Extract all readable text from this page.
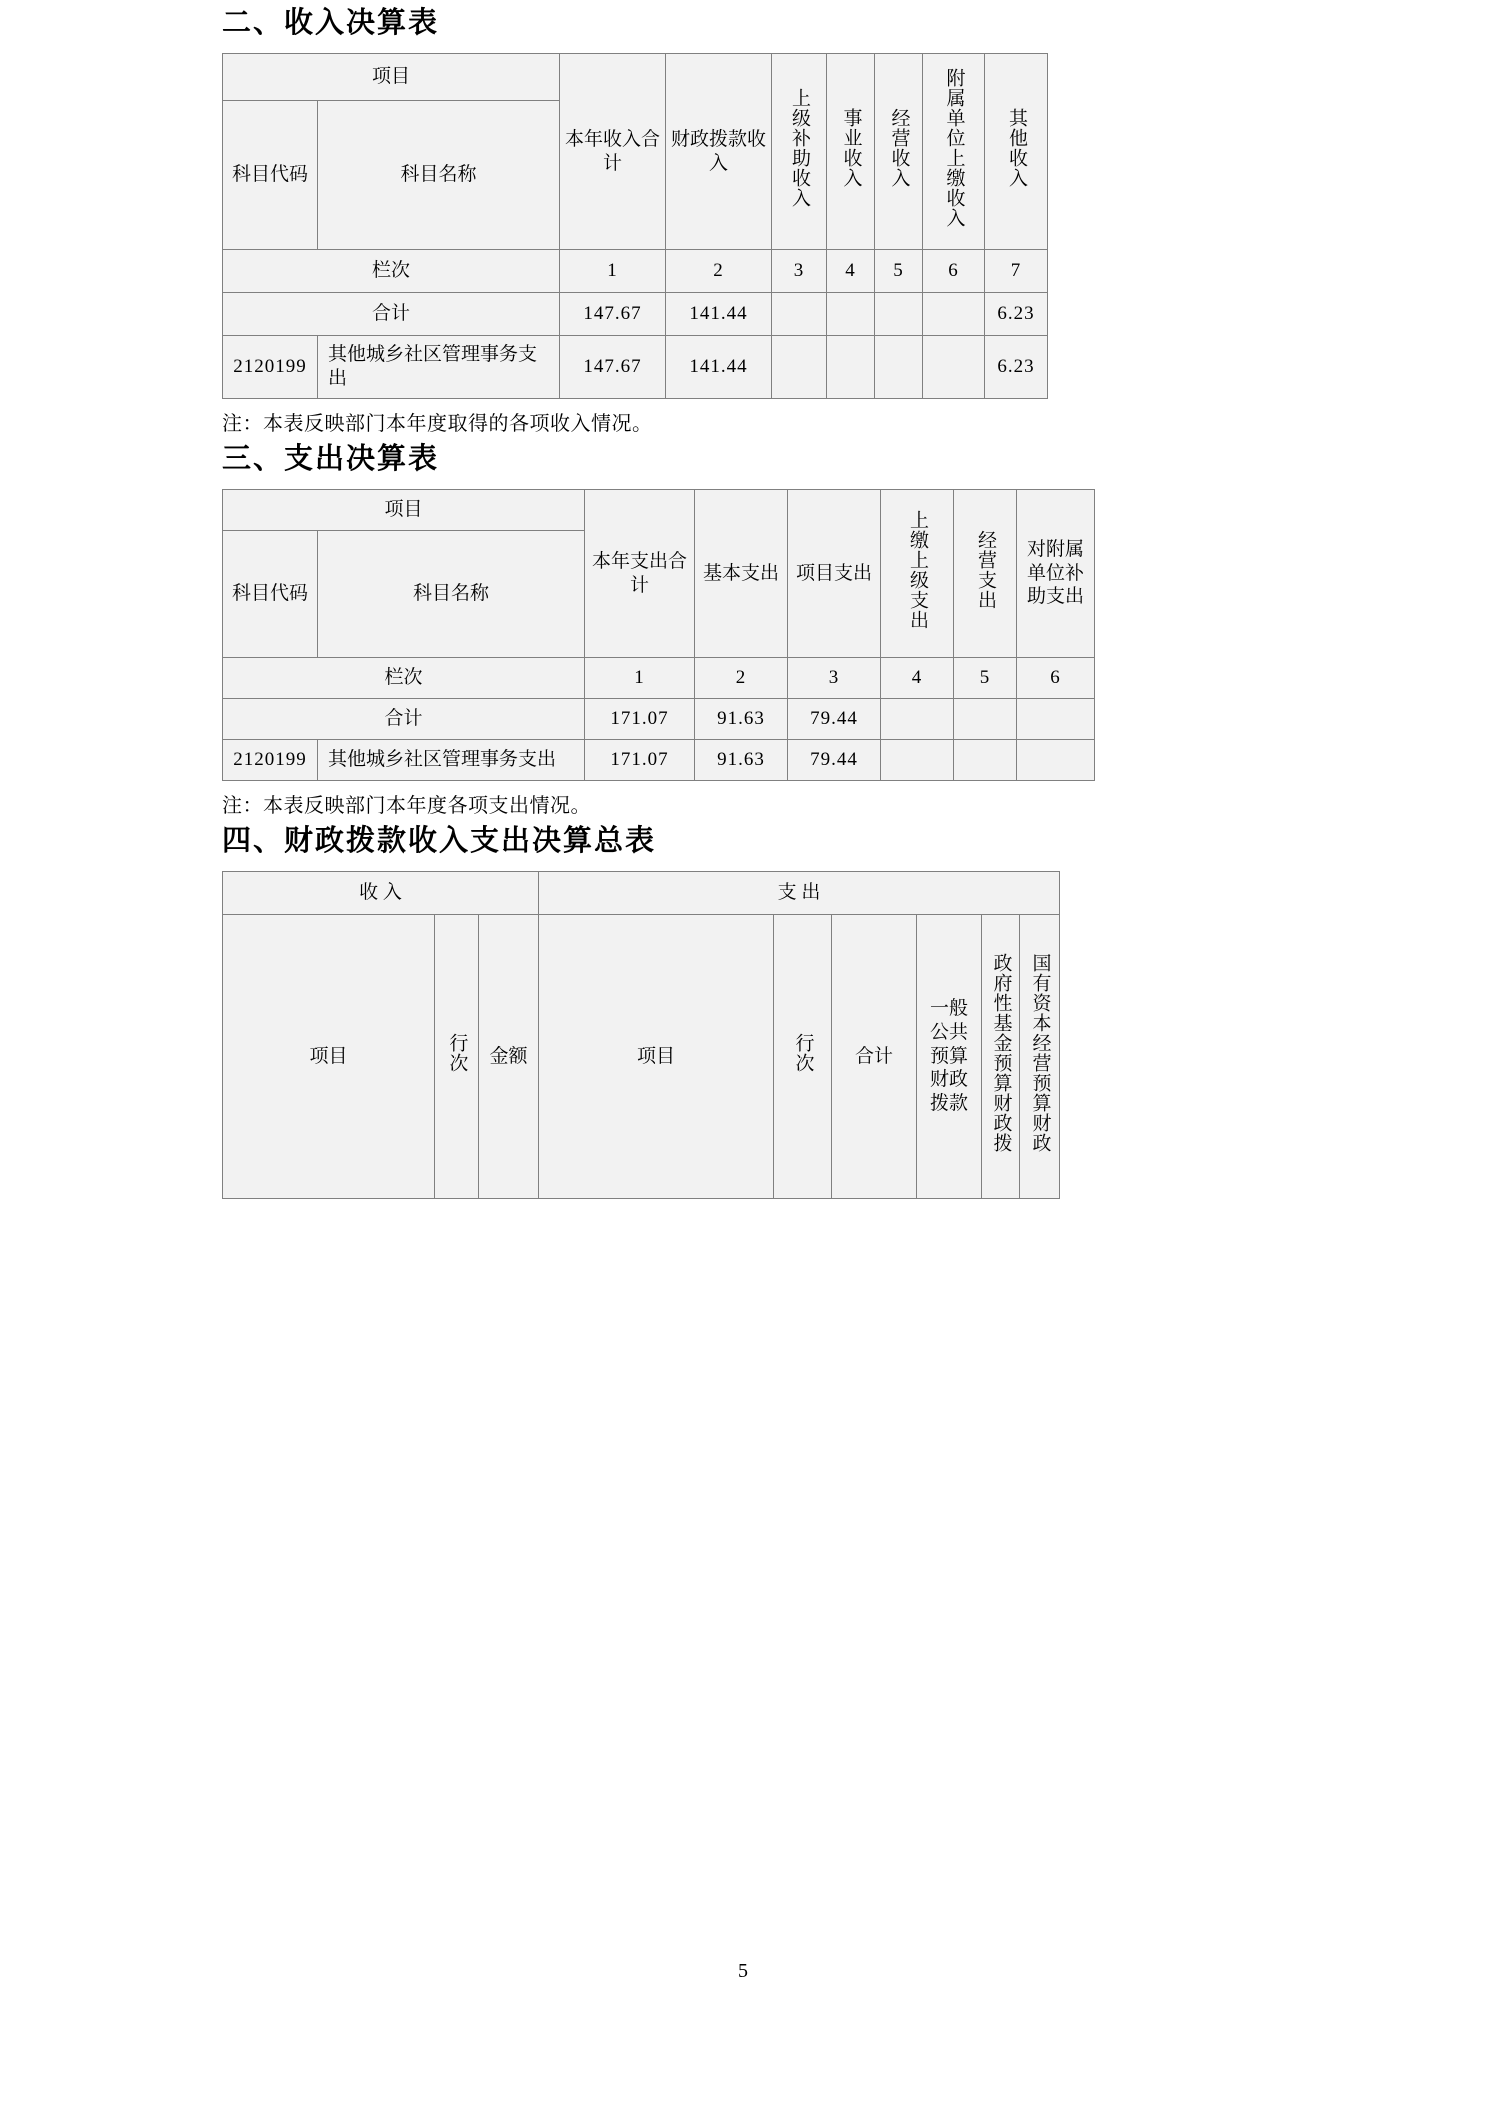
二、收入决算表
项目		本年收入合计	财政拨款收入	上级补助收入	事业收入	经营收入	附属单位上缴收入	其他收入
科目代码	科目名称							
栏次		1	2	3	4	5	6	7
合计		147.67	141.44					6.23
2120199	其他城乡社区管理事务支出	147.67	141.44					6.23

注：本表反映部门本年度取得的各项收入情况。

三、支出决算表
项目		本年支出合计	基本支出	项目支出	上缴上级支出	经营支出	对附属单位补助支出
科目代码	科目名称						
栏次		1	2	3	4	5	6
合计		171.07	91.63	79.44			
2120199	其他城乡社区管理事务支出	171.07	91.63	79.44			

注：本表反映部门本年度各项支出情况。

四、财政拨款收入支出决算总表
收 入			支 出					
项目	行次	金额	项目	行次	合计	一般公共预算财政拨款	政府性基金预算财政拨	国有资本经营预算财政
5
